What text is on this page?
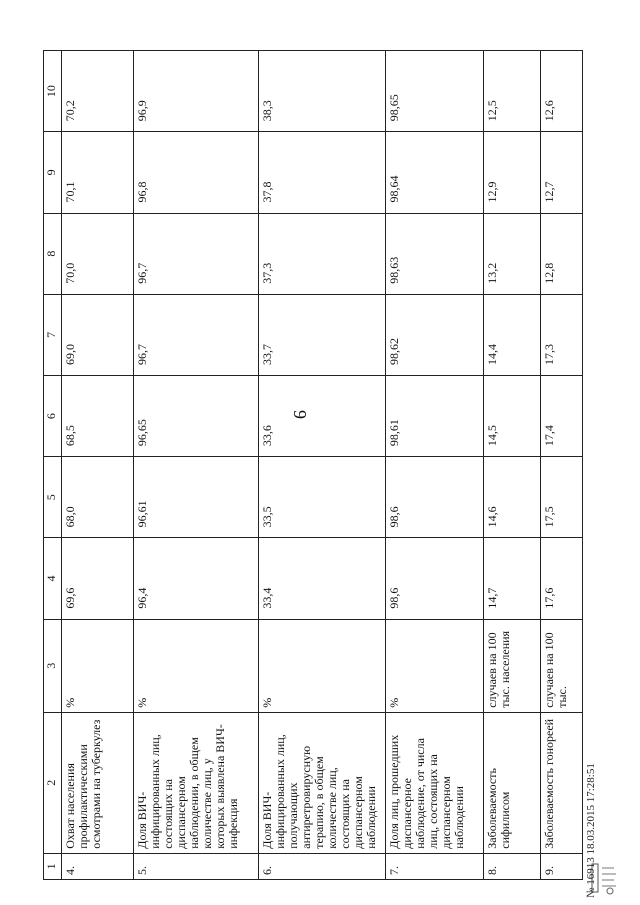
9
1	2	3	4	5	6	7	8	9	10
4.	Охват населения профилактическими осмотрами на туберкулез	%	69,6	68,0	68,5	69,0	70,0	70,1	70,2
5.	Доля ВИЧ-инфицированных лиц, состоящих на диспансерном наблюдении, в общем количестве лиц, у которых выявлена ВИЧ-инфекция	%	96,4	96,61	96,65	96,7	96,7	96,8	96,9
6.	Доля ВИЧ-инфицированных лиц, получающих антиретровирусную терапию, в общем количестве лиц, состоящих на диспансерном наблюдении	%	33,4	33,5	33,6	33,7	37,3	37,8	38,3
7.	Доля лиц, прошедших диспансерное наблюдение, от числа лиц, состоящих на диспансерном наблюдении	%	98,6	98,6	98,61	98,62	98,63	98,64	98,65
8.	Заболеваемость сифилисом	случаев на 100 тыс. населения	14,7	14,6	14,5	14,4	13,2	12,9	12,5
9.	Заболеваемость гонореей	случаев на 100 тыс.	17,6	17,5	17,4	17,3	12,8	12,7	12,6
№ 16913 18.03.2015 17:28:51
